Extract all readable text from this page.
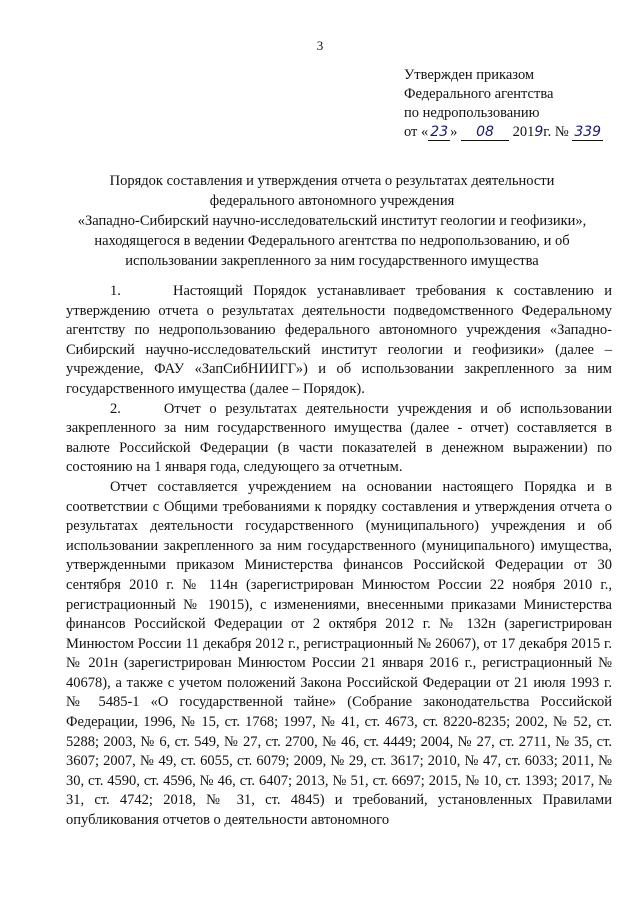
3
Утвержден приказом
Федерального агентства
по недропользованию
от « 23 » 08 2019г. № 339
Порядок составления и утверждения отчета о результатах деятельности
федерального автономного учреждения
«Западно-Сибирский научно-исследовательский институт геологии и геофизики»,
находящегося в ведении Федерального агентства по недропользованию, и об
использовании закрепленного за ним государственного имущества

1.     Настоящий Порядок устанавливает требования к составлению и утверждению отчета о результатах деятельности подведомственного Федеральному агентству по недропользованию федерального автономного учреждения «Западно-Сибирский научно-исследовательский институт геологии и геофизики» (далее – учреждение, ФАУ «ЗапСибНИИГГ») и об использовании закрепленного за ним государственного имущества (далее – Порядок).

2.     Отчет о результатах деятельности учреждения и об использовании закрепленного за ним государственного имущества (далее - отчет) составляется в валюте Российской Федерации (в части показателей в денежном выражении) по состоянию на 1 января года, следующего за отчетным.

Отчет составляется учреждением на основании настоящего Порядка и в соответствии с Общими требованиями к порядку составления и утверждения отчета о результатах деятельности государственного (муниципального) учреждения и об использовании закрепленного за ним государственного (муниципального) имущества, утвержденными приказом Министерства финансов Российской Федерации от 30 сентября 2010 г. № 114н (зарегистрирован Минюстом России 22 ноября 2010 г., регистрационный № 19015), с изменениями, внесенными приказами Министерства финансов Российской Федерации от 2 октября 2012 г. № 132н (зарегистрирован Минюстом России 11 декабря 2012 г., регистрационный № 26067), от 17 декабря 2015 г. № 201н (зарегистрирован Минюстом России 21 января 2016 г., регистрационный № 40678), а также с учетом положений Закона Российской Федерации от 21 июля 1993 г. № 5485-1 «О государственной тайне» (Собрание законодательства Российской Федерации, 1996, № 15, ст. 1768; 1997, № 41, ст. 4673, ст. 8220-8235; 2002, № 52, ст. 5288; 2003, № 6, ст. 549, № 27, ст. 2700, № 46, ст. 4449; 2004, № 27, ст. 2711, № 35, ст. 3607; 2007, № 49, ст. 6055, ст. 6079; 2009, № 29, ст. 3617; 2010, № 47, ст. 6033; 2011, № 30, ст. 4590, ст. 4596, № 46, ст. 6407; 2013, № 51, ст. 6697; 2015, № 10, ст. 1393; 2017, № 31, ст. 4742; 2018, № 31, ст. 4845) и требований, установленных Правилами опубликования отчетов о деятельности автономного
